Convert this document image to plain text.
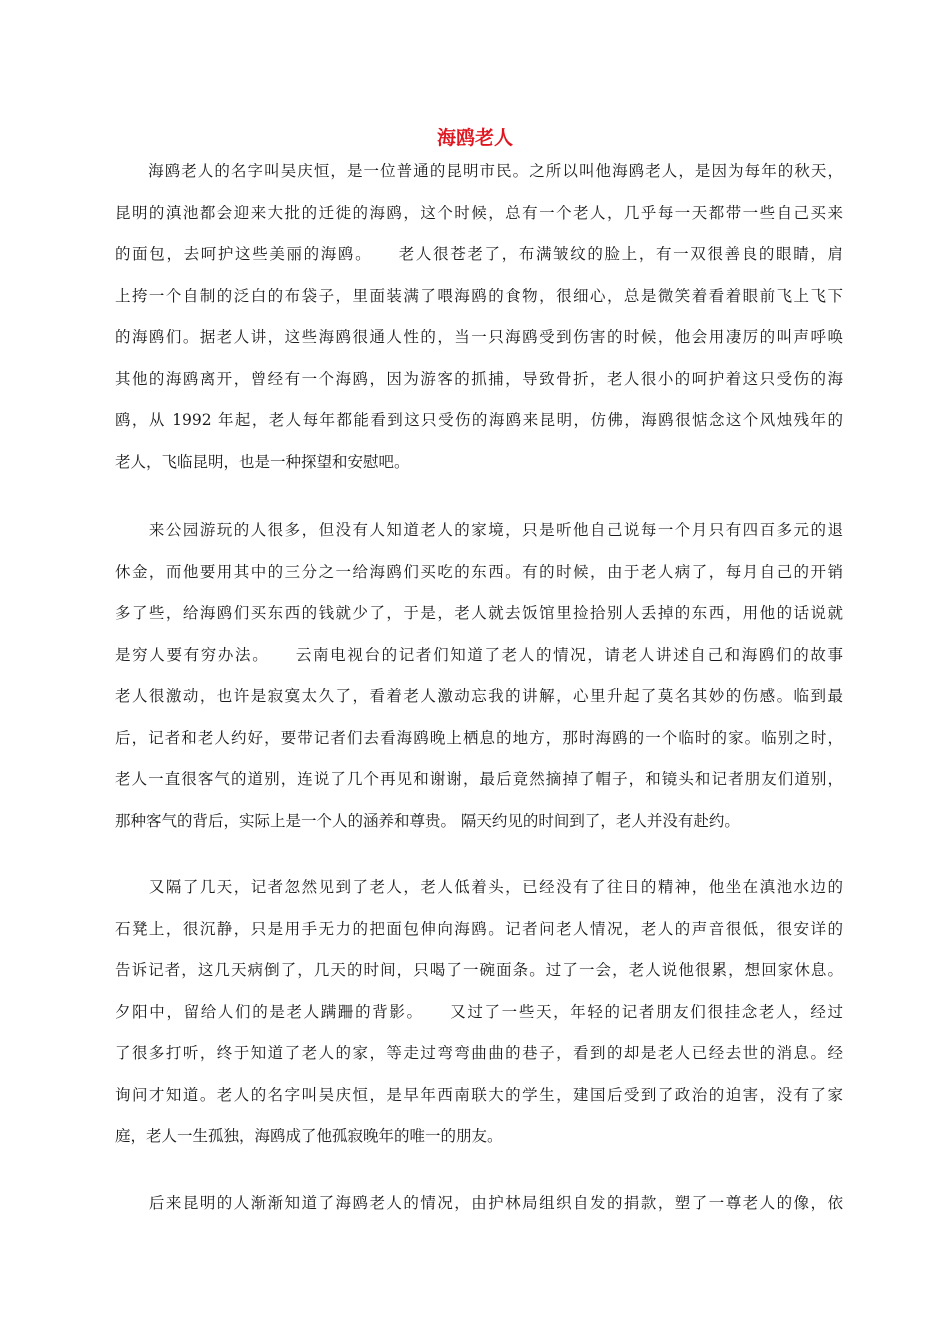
海鸥老人
　　海鸥老人的名字叫吴庆恒，是一位普通的昆明市民。之所以叫他海鸥老人，是因为每年的秋天，
昆明的滇池都会迎来大批的迁徙的海鸥，这个时候，总有一个老人，几乎每一天都带一些自己买来
的面包，去呵护这些美丽的海鸥。　　老人很苍老了，布满皱纹的脸上，有一双很善良的眼睛，肩
上挎一个自制的泛白的布袋子，里面装满了喂海鸥的食物，很细心，总是微笑着看着眼前飞上飞下
的海鸥们。据老人讲，这些海鸥很通人性的，当一只海鸥受到伤害的时候，他会用凄厉的叫声呼唤
其他的海鸥离开，曾经有一个海鸥，因为游客的抓捕，导致骨折，老人很小的呵护着这只受伤的海
鸥，从 1992 年起，老人每年都能看到这只受伤的海鸥来昆明，仿佛，海鸥很惦念这个风烛残年的
老人，飞临昆明，也是一种探望和安慰吧。
　　来公园游玩的人很多，但没有人知道老人的家境，只是听他自己说每一个月只有四百多元的退
休金，而他要用其中的三分之一给海鸥们买吃的东西。有的时候，由于老人病了，每月自己的开销
多了些，给海鸥们买东西的钱就少了，于是，老人就去饭馆里捡拾别人丢掉的东西，用他的话说就
是穷人要有穷办法。　　云南电视台的记者们知道了老人的情况，请老人讲述自己和海鸥们的故事
老人很激动，也许是寂寞太久了，看着老人激动忘我的讲解，心里升起了莫名其妙的伤感。临到最
后，记者和老人约好，要带记者们去看海鸥晚上栖息的地方，那时海鸥的一个临时的家。临别之时，
老人一直很客气的道别，连说了几个再见和谢谢，最后竟然摘掉了帽子，和镜头和记者朋友们道别，
那种客气的背后，实际上是一个人的涵养和尊贵。 隔天约见的时间到了，老人并没有赴约。
　　又隔了几天，记者忽然见到了老人，老人低着头，已经没有了往日的精神，他坐在滇池水边的
石凳上，很沉静，只是用手无力的把面包伸向海鸥。记者问老人情况，老人的声音很低，很安详的
告诉记者，这几天病倒了，几天的时间，只喝了一碗面条。过了一会，老人说他很累，想回家休息。
夕阳中，留给人们的是老人蹒跚的背影。　　又过了一些天，年轻的记者朋友们很挂念老人，经过
了很多打听，终于知道了老人的家，等走过弯弯曲曲的巷子，看到的却是老人已经去世的消息。经
询问才知道。老人的名字叫吴庆恒，是早年西南联大的学生，建国后受到了政治的迫害，没有了家
庭，老人一生孤独，海鸥成了他孤寂晚年的唯一的朋友。
　　后来昆明的人渐渐知道了海鸥老人的情况，由护林局组织自发的捐款，塑了一尊老人的像，依
